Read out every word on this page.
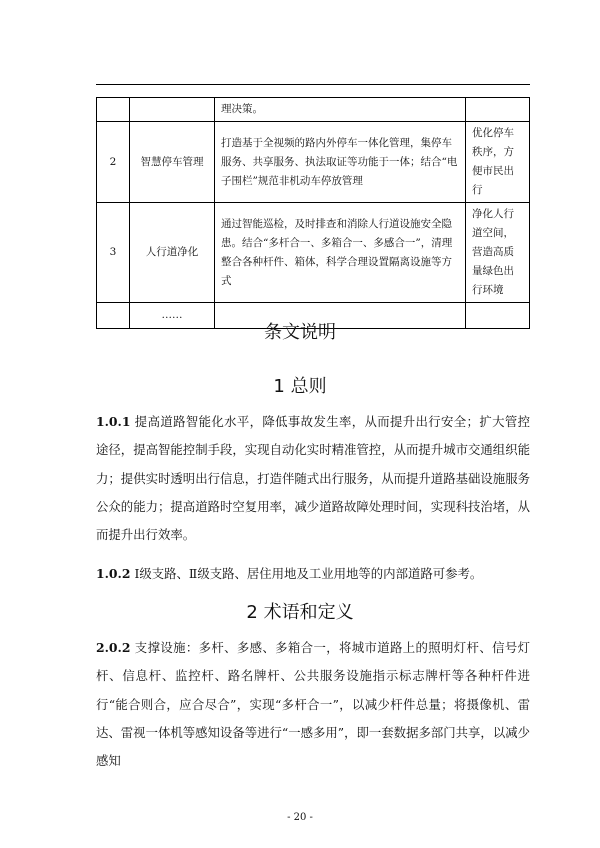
		理决策。	
2	智慧停车管理	打造基于全视频的路内外停车一体化管理，集停车服务、共享服务、执法取证等功能于一体；结合“电子围栏”规范非机动车停放管理	优化停车秩序，方便市民出行
3	人行道净化	通过智能巡检，及时排查和消除人行道设施安全隐患。结合“多杆合一、多箱合一、多感合一”，清理整合各种杆件、箱体，科学合理设置隔离设施等方式	净化人行道空间，营造高质量绿色出行环境
	……		
条文说明
1 总则
1.0.1 提高道路智能化水平，降低事故发生率，从而提升出行安全；扩大管控途径，提高智能控制手段，实现自动化实时精准管控，从而提升城市交通组织能力；提供实时透明出行信息，打造伴随式出行服务，从而提升道路基础设施服务公众的能力；提高道路时空复用率，减少道路故障处理时间，实现科技治堵，从而提升出行效率。
1.0.2 Ⅰ级支路、Ⅱ级支路、居住用地及工业用地等的内部道路可参考。
2 术语和定义
2.0.2 支撑设施：多杆、多感、多箱合一，将城市道路上的照明灯杆、信号灯杆、信息杆、监控杆、路名牌杆、公共服务设施指示标志牌杆等各种杆件进行“能合则合，应合尽合”，实现“多杆合一”，以减少杆件总量；将摄像机、雷达、雷视一体机等感知设备等进行“一感多用”，即一套数据多部门共享，以减少感知
- 20 -
